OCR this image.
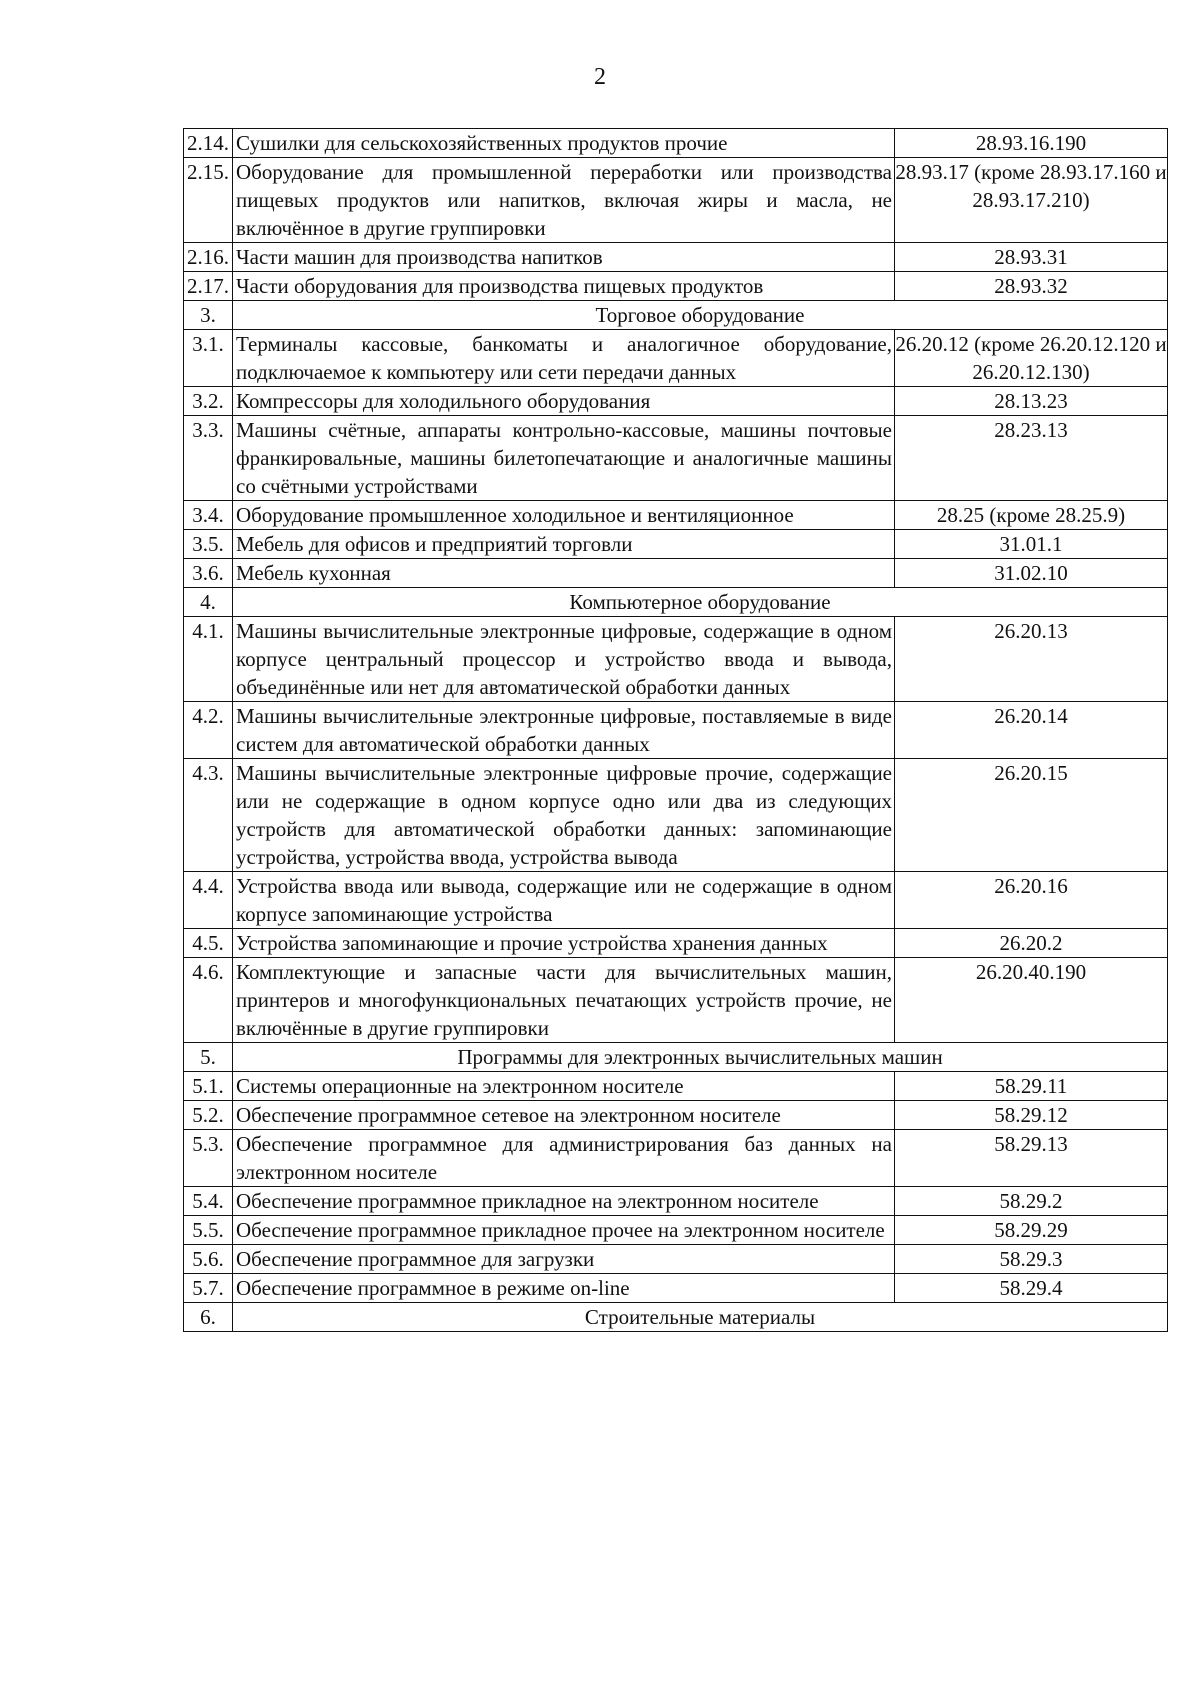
2
2.14.	Сушилки для сельскохозяйственных продуктов прочие	28.93.16.190
2.15.	Оборудование для промышленной переработки или производства пищевых продуктов или напитков, включая жиры и масла, не включённое в другие группировки	28.93.17 (кроме 28.93.17.160 и 28.93.17.210)
2.16.	Части машин для производства напитков	28.93.31
2.17.	Части оборудования для производства пищевых продуктов	28.93.32
3.	Торговое оборудование	
3.1.	Терминалы кассовые, банкоматы и аналогичное оборудование, подключаемое к компьютеру или сети передачи данных	26.20.12 (кроме 26.20.12.120 и 26.20.12.130)
3.2.	Компрессоры для холодильного оборудования	28.13.23
3.3.	Машины счётные, аппараты контрольно-кассовые, машины почтовые франкировальные, машины билетопечатающие и аналогичные машины со счётными устройствами	28.23.13
3.4.	Оборудование промышленное холодильное и вентиляционное	28.25 (кроме 28.25.9)
3.5.	Мебель для офисов и предприятий торговли	31.01.1
3.6.	Мебель кухонная	31.02.10
4.	Компьютерное оборудование	
4.1.	Машины вычислительные электронные цифровые, содержащие в одном корпусе центральный процессор и устройство ввода и вывода, объединённые или нет для автоматической обработки данных	26.20.13
4.2.	Машины вычислительные электронные цифровые, поставляемые в виде систем для автоматической обработки данных	26.20.14
4.3.	Машины вычислительные электронные цифровые прочие, содержащие или не содержащие в одном корпусе одно или два из следующих устройств для автоматической обработки данных: запоминающие устройства, устройства ввода, устройства вывода	26.20.15
4.4.	Устройства ввода или вывода, содержащие или не содержащие в одном корпусе запоминающие устройства	26.20.16
4.5.	Устройства запоминающие и прочие устройства хранения данных	26.20.2
4.6.	Комплектующие и запасные части для вычислительных машин, принтеров и многофункциональных печатающих устройств прочие, не включённые в другие группировки	26.20.40.190
5.	Программы для электронных вычислительных машин	
5.1.	Системы операционные на электронном носителе	58.29.11
5.2.	Обеспечение программное сетевое на электронном носителе	58.29.12
5.3.	Обеспечение программное для администрирования баз данных на электронном носителе	58.29.13
5.4.	Обеспечение программное прикладное на электронном носителе	58.29.2
5.5.	Обеспечение программное прикладное прочее на электронном носителе	58.29.29
5.6.	Обеспечение программное для загрузки	58.29.3
5.7.	Обеспечение программное в режиме on-line	58.29.4
6.	Строительные материалы	
